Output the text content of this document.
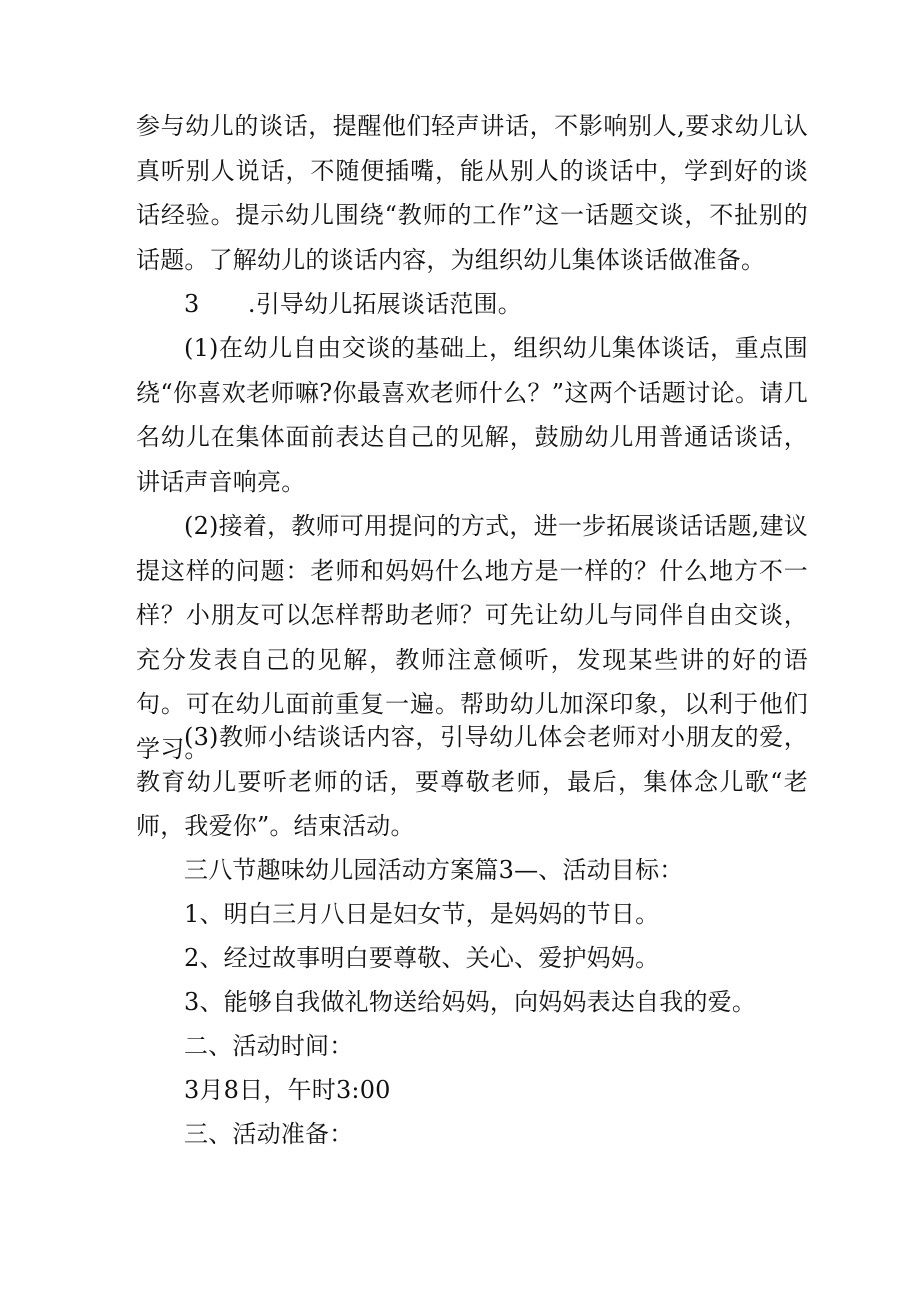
参与幼儿的谈话，提醒他们轻声讲话，不影响别人,要求幼儿认真听别人说话，不随便插嘴，能从别人的谈话中，学到好的谈话经验。提示幼儿围绕“教师的工作”这一话题交谈，不扯别的话题。了解幼儿的谈话内容，为组织幼儿集体谈话做准备。

3　　.引导幼儿拓展谈话范围。

(1)在幼儿自由交谈的基础上，组织幼儿集体谈话，重点围绕“你喜欢老师嘛?你最喜欢老师什么？”这两个话题讨论。请几名幼儿在集体面前表达自己的见解，鼓励幼儿用普通话谈话，讲话声音响亮。

(2)接着，教师可用提问的方式，进一步拓展谈话话题,建议提这样的问题：老师和妈妈什么地方是一样的？什么地方不一样？小朋友可以怎样帮助老师？可先让幼儿与同伴自由交谈，充分发表自己的见解，教师注意倾听，发现某些讲的好的语句。可在幼儿面前重复一遍。帮助幼儿加深印象，以利于他们学习。

(3)教师小结谈话内容，引导幼儿体会老师对小朋友的爱，教育幼儿要听老师的话，要尊敬老师，最后，集体念儿歌“老师，我爱你”。结束活动。

三八节趣味幼儿园活动方案篇3—、活动目标：

1、明白三月八日是妇女节，是妈妈的节日。

2、经过故事明白要尊敬、关心、爱护妈妈。

3、能够自我做礼物送给妈妈，向妈妈表达自我的爱。

二、活动时间：

3月8日，午时3:00

三、活动准备：
